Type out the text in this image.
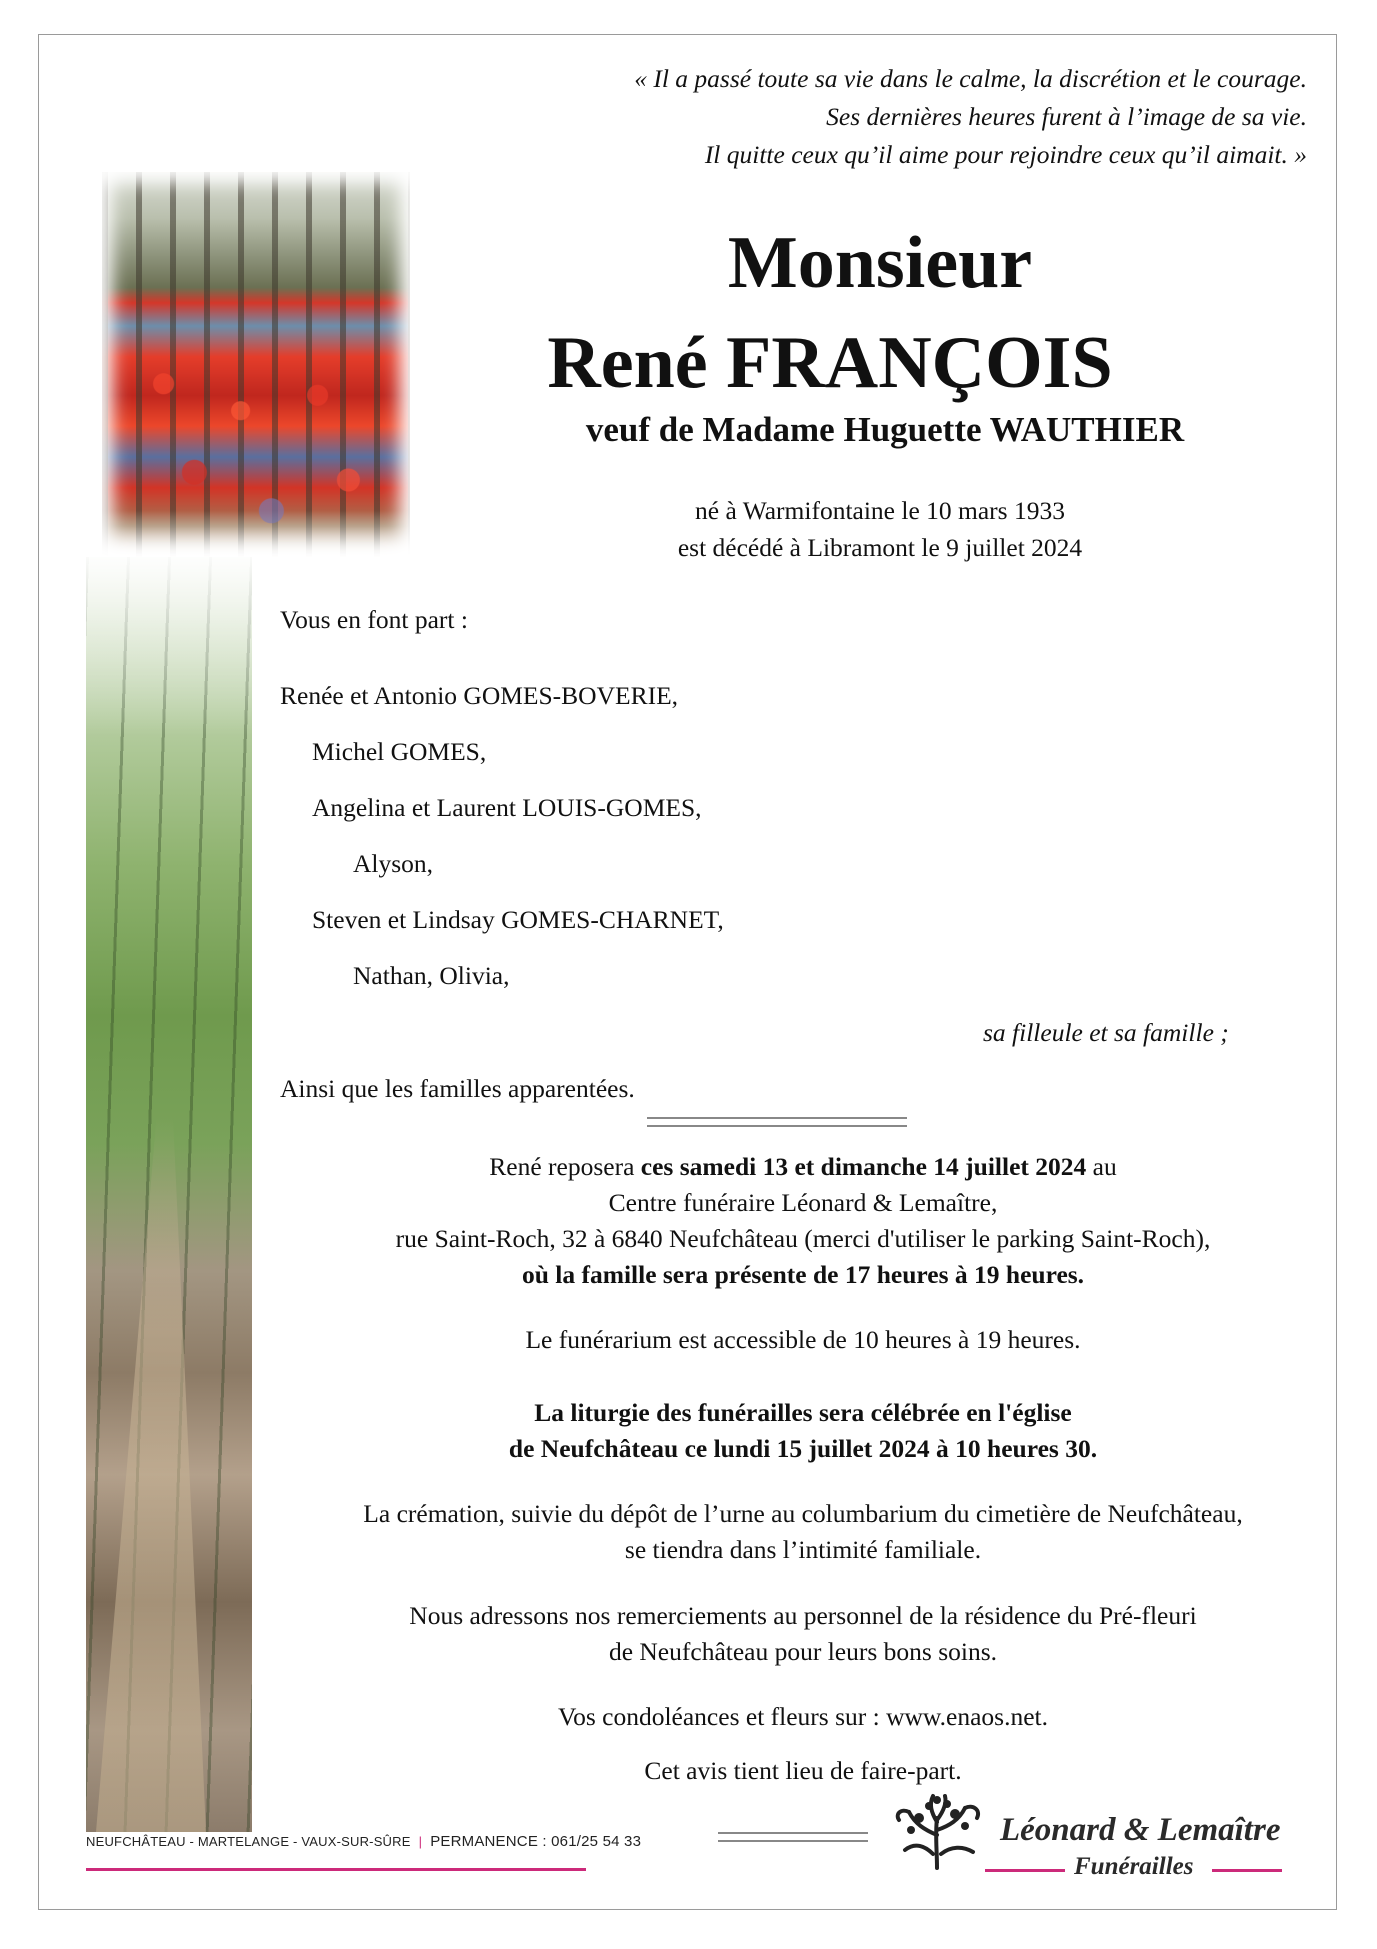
« Il a passé toute sa vie dans le calme, la discrétion et le courage.
Ses dernières heures furent à l’image de sa vie.
Il quitte ceux qu’il aime pour rejoindre ceux qu’il aimait. »
Monsieur
René FRANÇOIS
veuf de Madame Huguette WAUTHIER
né à Warmifontaine le 10 mars 1933
est décédé à Libramont le 9 juillet 2024
Vous en font part :
Renée et Antonio GOMES-BOVERIE,
Michel GOMES,
Angelina et Laurent LOUIS-GOMES,
Alyson,
Steven et Lindsay GOMES-CHARNET,
Nathan, Olivia,
sa filleule et sa famille ;
Ainsi que les familles apparentées.
René reposera ces samedi 13 et dimanche 14 juillet 2024 au
Centre funéraire Léonard & Lemaître,
rue Saint-Roch, 32 à 6840 Neufchâteau (merci d'utiliser le parking Saint-Roch),
où la famille sera présente de 17 heures à 19 heures.
Le funérarium est accessible de 10 heures à 19 heures.
La liturgie des funérailles sera célébrée en l'église
de Neufchâteau ce lundi 15 juillet 2024 à 10 heures 30.
La crémation, suivie du dépôt de l’urne au columbarium du cimetière de Neufchâteau,
se tiendra dans l’intimité familiale.
Nous adressons nos remerciements au personnel de la résidence du Pré-fleuri
de Neufchâteau pour leurs bons soins.
Vos condoléances et fleurs sur : www.enaos.net.
Cet avis tient lieu de faire-part.
NEUFCHÂTEAU - MARTELANGE - VAUX-SUR-SÛRE | PERMANENCE : 061/25 54 33	Léonard & Lemaître
Funérailles
